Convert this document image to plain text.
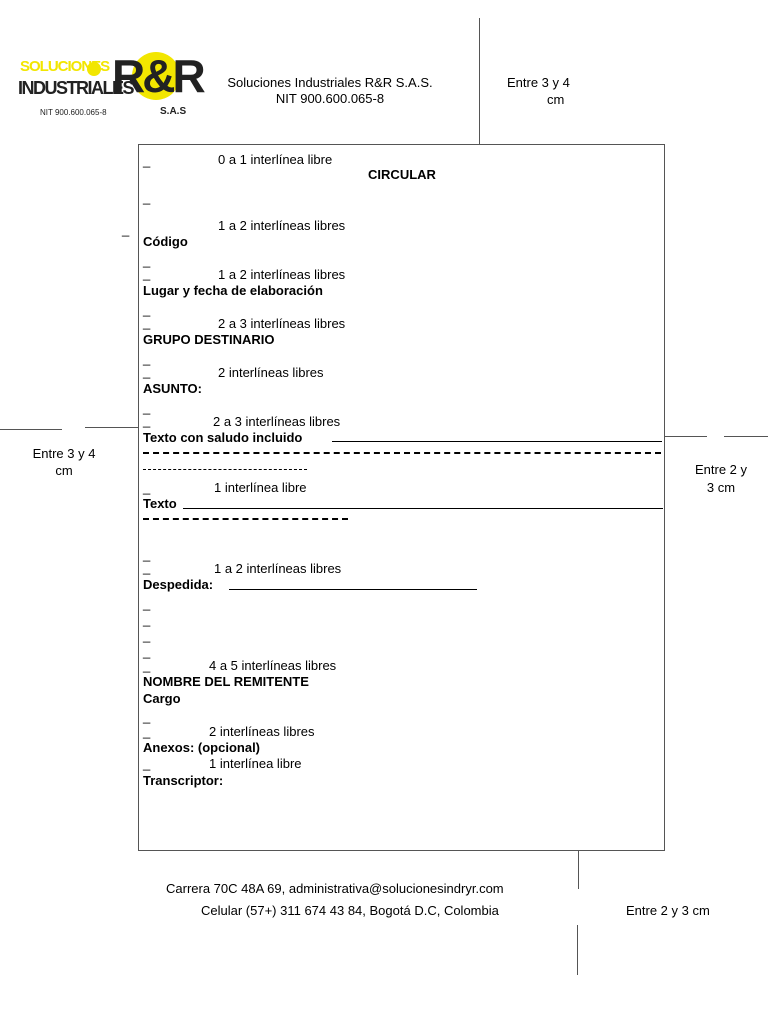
SOLUCIONES
INDUSTRIALES
R&R
S.A.S
NIT 900.600.065-8
Soluciones Industriales R&R S.A.S.
NIT 900.600.065-8
Entre 3 y 4
cm
Entre 3 y 4
cm
_
Entre 2 y
3 cm
Entre 2 y 3 cm
_	0 a 1 interlínea libre
CIRCULAR
_
1 a 2 interlíneas libres
Código
_
_	1 a 2 interlíneas libres
Lugar y fecha de elaboración
_
_	2 a 3 interlíneas libres
GRUPO DESTINARIO
_
_	2 interlíneas libres
ASUNTO:
_
_	2 a 3 interlíneas libres
Texto con saludo incluido
_	1 interlínea libre
Texto
_
_	1 a 2 interlíneas libres
Despedida:
_
_
_
_
_	4 a 5 interlíneas libres
NOMBRE DEL REMITENTE
Cargo
_
_	2 interlíneas libres
Anexos: (opcional)
_	1 interlínea libre
Transcriptor:
Carrera 70C 48A 69, administrativa@solucionesindryr.com
Celular (57+) 311 674 43 84, Bogotá D.C, Colombia
